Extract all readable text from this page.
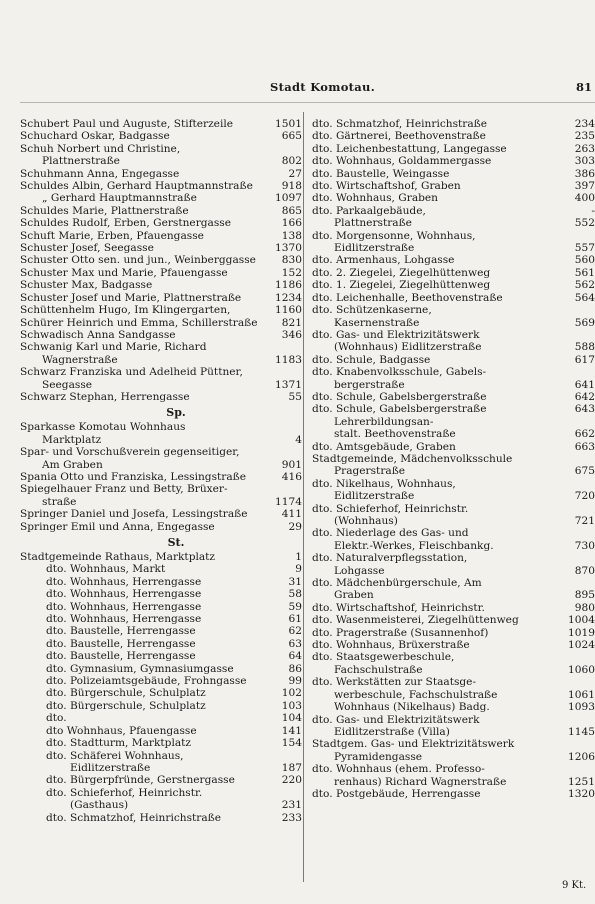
Stadt Komotau.	81
Schubert Paul und Auguste, Stifterzeile	1501
Schuchard Oskar, Badgasse	665
Schuh Norbert und Christine,
Plattnerstraße	802
Schuhmann Anna, Engegasse	27
Schuldes Albin, Gerhard Hauptmannstraße	918
„ Gerhard Hauptmannstraße	1097
Schuldes Marie, Plattnerstraße	865
Schuldes Rudolf, Erben, Gerstnergasse	166
Schuft Marie, Erben, Pfauengasse	138
Schuster Josef, Seegasse	1370
Schuster Otto sen. und jun., Weinberggasse	830
Schuster Max und Marie, Pfauengasse	152
Schuster Max, Badgasse	1186
Schuster Josef und Marie, Plattnerstraße	1234
Schüttenhelm Hugo, Im Klingergarten,	1160
Schürer Heinrich und Emma, Schillerstraße	821
Schwadisch Anna Sandgasse	346
Schwanig Karl und Marie, Richard
Wagnerstraße	1183
Schwarz Franziska und Adelheid Püttner,
Seegasse	1371
Schwarz Stephan, Herrengasse	55
Sp.
Sparkasse Komotau Wohnhaus
Marktplatz	4
Spar- und Vorschußverein gegenseitiger,
Am Graben	901
Spania Otto und Franziska, Lessingstraße	416
Spiegelhauer Franz und Betty, Brüxer-
straße	1174
Springer Daniel und Josefa, Lessingstraße	411
Springer Emil und Anna, Engegasse	29
St.
Stadtgemeinde Rathaus, Marktplatz	1
dto. Wohnhaus, Markt	9
dto. Wohnhaus, Herrengasse	31
dto. Wohnhaus, Herrengasse	58
dto. Wohnhaus, Herrengasse	59
dto. Wohnhaus, Herrengasse	61
dto. Baustelle, Herrengasse	62
dto. Baustelle, Herrengasse	63
dto. Baustelle, Herrengasse	64
dto. Gymnasium, Gymnasiumgasse	86
dto. Polizeiamtsgebäude, Frohngasse	99
dto. Bürgerschule, Schulplatz	102
dto. Bürgerschule, Schulplatz	103
dto.	104
dto Wohnhaus, Pfauengasse	141
dto. Stadtturm, Marktplatz	154
dto. Schäferei Wohnhaus,
Eidlitzerstraße	187
dto. Bürgerpfründe, Gerstnergasse	220
dto. Schieferhof, Heinrichstr.
(Gasthaus)	231
dto. Schmatzhof, Heinrichstraße	233
dto. Schmatzhof, Heinrichstraße	234
dto. Gärtnerei, Beethovenstraße	235
dto. Leichenbestattung, Langegasse	263
dto. Wohnhaus, Goldammergasse	303
dto. Baustelle, Weingasse	386
dto. Wirtschaftshof, Graben	397
dto. Wohnhaus, Graben	400
dto. Parkaalgebäude,	-
Plattnerstraße	552
dto. Morgensonne, Wohnhaus,
Eidlitzerstraße	557
dto. Armenhaus, Lohgasse	560
dto. 2. Ziegelei, Ziegelhüttenweg	561
dto. 1. Ziegelei, Ziegelhüttenweg	562
dto. Leichenhalle, Beethovenstraße	564
dto. Schützenkaserne,
Kasernenstraße	569
dto. Gas- und Elektrizitätswerk
(Wohnhaus) Eidlitzerstraße	588
dto. Schule, Badgasse	617
dto. Knabenvolksschule, Gabels-
bergerstraße	641
dto. Schule, Gabelsbergerstraße	642
dto. Schule, Gabelsbergerstraße	643
Lehrerbildungsan-
stalt. Beethovenstraße	662
dto. Amtsgebäude, Graben	663
Stadtgemeinde, Mädchenvolksschule
Pragerstraße	675
dto. Nikelhaus, Wohnhaus,
Eidlitzerstraße	720
dto. Schieferhof, Heinrichstr.
(Wohnhaus)	721
dto. Niederlage des Gas- und
Elektr.-Werkes, Fleischbankg.	730
dto. Naturalverpflegsstation,
Lohgasse	870
dto. Mädchenbürgerschule, Am
Graben	895
dto. Wirtschaftshof, Heinrichstr.	980
dto. Wasenmeisterei, Ziegelhüttenweg	1004
dto. Pragerstraße (Susannenhof)	1019
dto. Wohnhaus, Brüxerstraße	1024
dto. Staatsgewerbeschule,
Fachschulstraße	1060
dto. Werkstätten zur Staatsge-
werbeschule, Fachschulstraße	1061
Wohnhaus (Nikelhaus) Badg.	1093
dto. Gas- und Elektrizitätswerk
Eidlitzerstraße (Villa)	1145
Stadtgem. Gas- und Elektrizitätswerk
Pyramidengasse	1206
dto. Wohnhaus (ehem. Professo-
renhaus) Richard Wagnerstraße	1251
dto. Postgebäude, Herrengasse	1320
9 Kt.
